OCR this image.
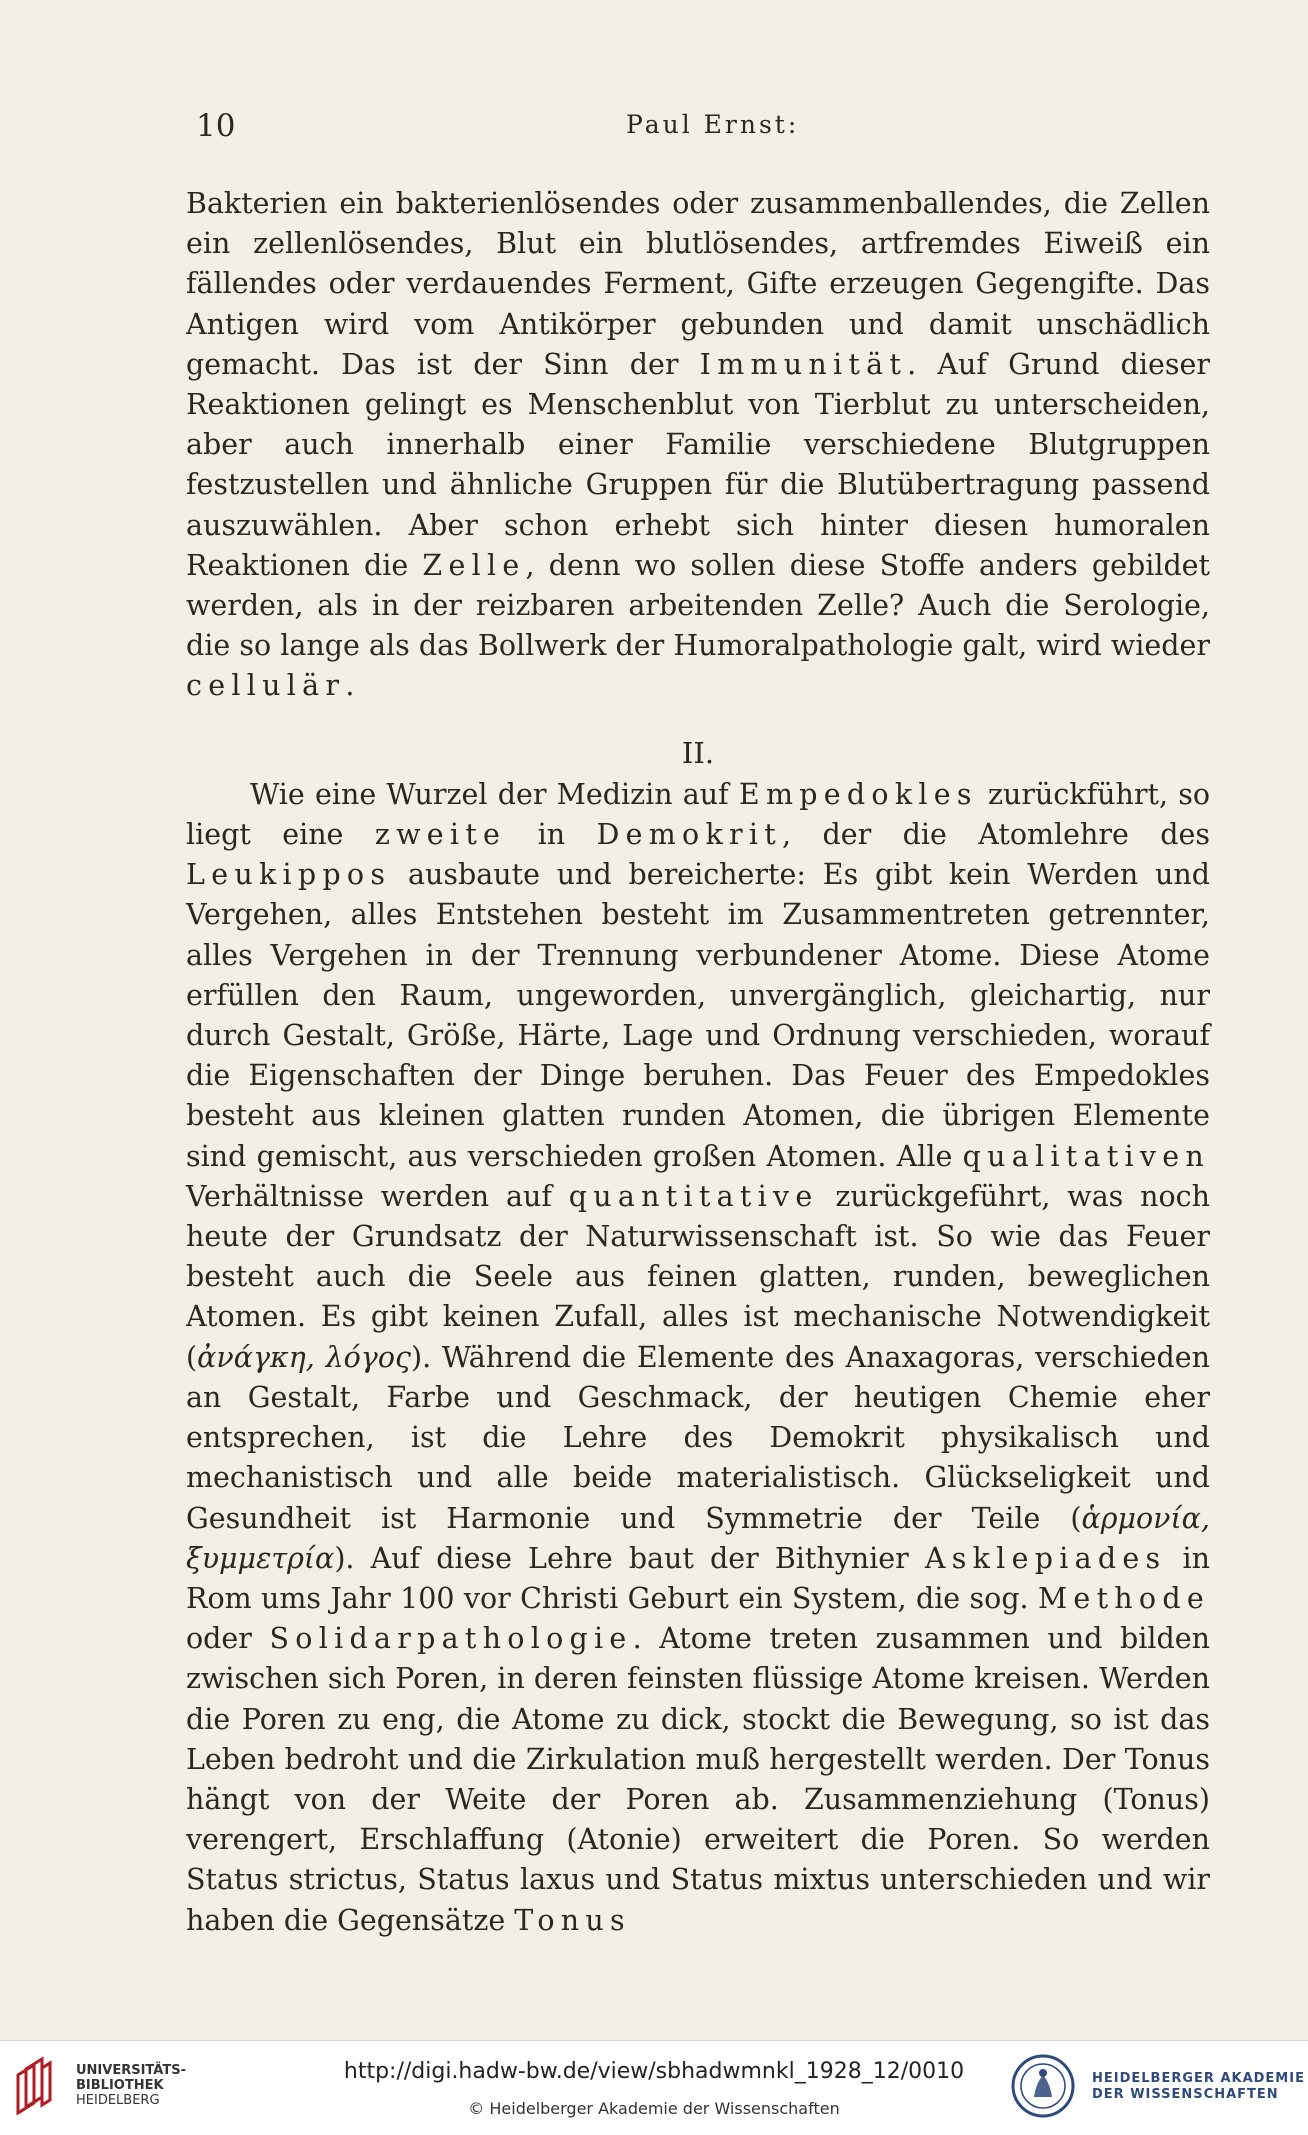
10	Paul Ernst:

Bakterien ein bakterienlösendes oder zusammenballendes, die Zellen ein zellenlösendes, Blut ein blutlösendes, artfremdes Eiweiß ein fällendes oder verdauendes Ferment, Gifte erzeugen Gegengifte. Das Antigen wird vom Antikörper gebunden und damit unschädlich gemacht. Das ist der Sinn der Immunität. Auf Grund dieser Reaktionen gelingt es Menschenblut von Tierblut zu unterscheiden, aber auch innerhalb einer Familie verschiedene Blutgruppen festzustellen und ähnliche Gruppen für die Blutübertragung passend auszuwählen. Aber schon erhebt sich hinter diesen humoralen Reaktionen die Zelle, denn wo sollen diese Stoffe anders gebildet werden, als in der reizbaren arbeitenden Zelle? Auch die Serologie, die so lange als das Bollwerk der Humoralpathologie galt, wird wieder cellulär.

II.

Wie eine Wurzel der Medizin auf Empedokles zurückführt, so liegt eine zweite in Demokrit, der die Atomlehre des Leukippos ausbaute und bereicherte: Es gibt kein Werden und Vergehen, alles Entstehen besteht im Zusammentreten getrennter, alles Vergehen in der Trennung verbundener Atome. Diese Atome erfüllen den Raum, ungeworden, unvergänglich, gleichartig, nur durch Gestalt, Größe, Härte, Lage und Ordnung verschieden, worauf die Eigenschaften der Dinge beruhen. Das Feuer des Empedokles besteht aus kleinen glatten runden Atomen, die übrigen Elemente sind gemischt, aus verschieden großen Atomen. Alle qualitativen Verhältnisse werden auf quantitative zurückgeführt, was noch heute der Grundsatz der Naturwissenschaft ist. So wie das Feuer besteht auch die Seele aus feinen glatten, runden, beweglichen Atomen. Es gibt keinen Zufall, alles ist mechanische Notwendigkeit (ἀνάγκη, λόγος). Während die Elemente des Anaxagoras, verschieden an Gestalt, Farbe und Geschmack, der heutigen Chemie eher entsprechen, ist die Lehre des Demokrit physikalisch und mechanistisch und alle beide materialistisch. Glückseligkeit und Gesundheit ist Harmonie und Symmetrie der Teile (ἁρμονία, ξυμμετρία). Auf diese Lehre baut der Bithynier Asklepiades in Rom ums Jahr 100 vor Christi Geburt ein System, die sog. Methode oder Solidarpathologie. Atome treten zusammen und bilden zwischen sich Poren, in deren feinsten flüssige Atome kreisen. Werden die Poren zu eng, die Atome zu dick, stockt die Bewegung, so ist das Leben bedroht und die Zirkulation muß hergestellt werden. Der Tonus hängt von der Weite der Poren ab. Zusammenziehung (Tonus) verengert, Erschlaffung (Atonie) erweitert die Poren. So werden Status strictus, Status laxus und Status mixtus unterschieden und wir haben die Gegensätze Tonus

UNIVERSITÄTS-
BIBLIOTHEK
HEIDELBERG
http://digi.hadw-bw.de/view/sbhadwmnkl_1928_12/0010
© Heidelberger Akademie der Wissenschaften
HEIDELBERGER AKADEMIE
DER WISSENSCHAFTEN
